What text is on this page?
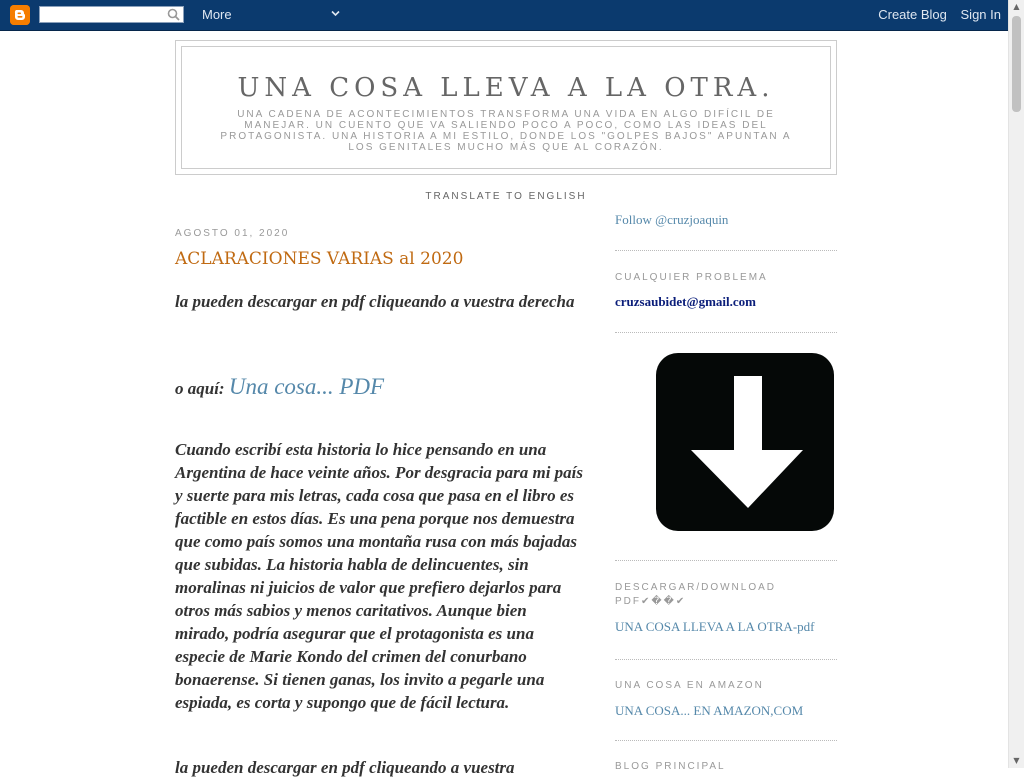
More	Create Blog Sign In
▲
▼
UNA COSA LLEVA A LA OTRA.
UNA CADENA DE ACONTECIMIENTOS TRANSFORMA UNA VIDA EN ALGO DIFÍCIL DE MANEJAR. UN CUENTO QUE VA SALIENDO POCO A POCO, COMO LAS IDEAS DEL PROTAGONISTA. UNA HISTORIA A MI ESTILO, DONDE LOS "GOLPES BAJOS" APUNTAN A LOS GENITALES MUCHO MÁS QUE AL CORAZÓN.
TRANSLATE TO ENGLISH
AGOSTO 01, 2020
ACLARACIONES VARIAS al 2020

la pueden descargar en pdf cliqueando a vuestra derecha

o aquí: Una cosa... PDF

Cuando escribí esta historia lo hice pensando en una Argentina de hace veinte años. Por desgracia para mi país y suerte para mis letras, cada cosa que pasa en el libro es factible en estos días. Es una pena porque nos demuestra que como país somos una montaña rusa con más bajadas que subidas. La historia habla de delincuentes, sin moralinas ni juicios de valor que prefiero dejarlos para otros más sabios y menos caritativos. Aunque bien mirado, podría asegurar que el protagonista es una especie de Marie Kondo del crimen del conurbano bonaerense. Si tienen ganas, los invito a pegarle una espiada, es corta y supongo que de fácil lectura.

la pueden descargar en pdf cliqueando a vuestra

Follow @cruzjoaquin
CUALQUIER PROBLEMA
cruzsaubidet@gmail.com
DESCARGAR/DOWNLOAD PDF✔��✔
UNA COSA LLEVA A LA OTRA-pdf
UNA COSA EN AMAZON
UNA COSA... EN AMAZON,COM
BLOG PRINCIPAL
